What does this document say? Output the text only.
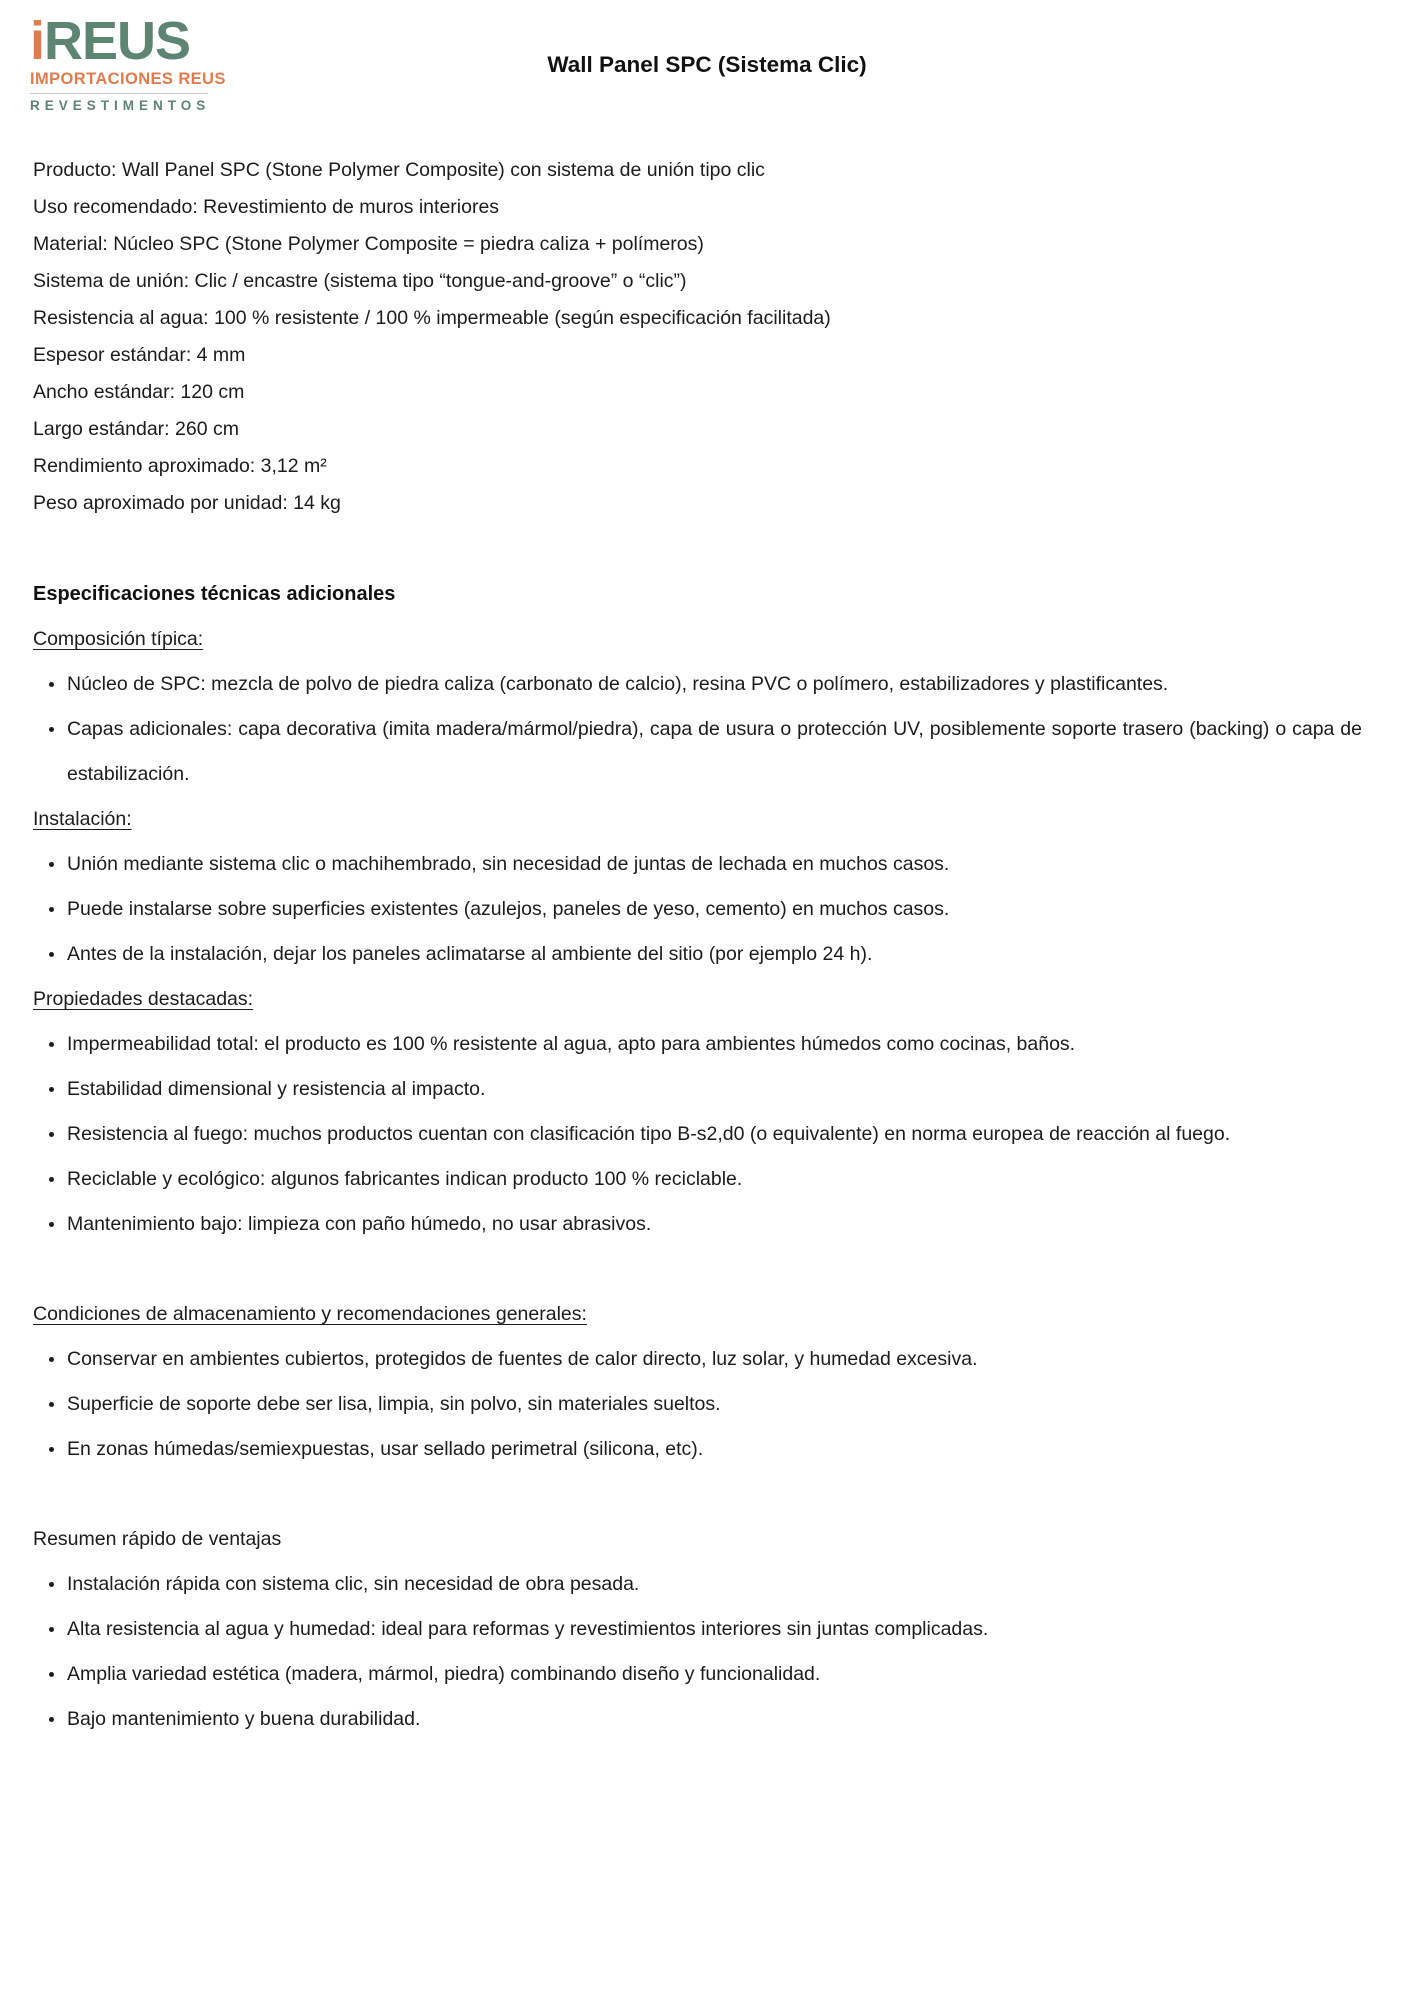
iREUS
IMPORTACIONES REUS
REVESTIMENTOS
Wall Panel SPC (Sistema Clic)

Producto: Wall Panel SPC (Stone Polymer Composite) con sistema de unión tipo clic

Uso recomendado: Revestimiento de muros interiores

Material: Núcleo SPC (Stone Polymer Composite = piedra caliza + polímeros)

Sistema de unión: Clic / encastre (sistema tipo “tongue-and-groove” o “clic”)

Resistencia al agua: 100 % resistente / 100 % impermeable (según especificación facilitada)

Espesor estándar: 4 mm

Ancho estándar: 120 cm

Largo estándar: 260 cm

Rendimiento aproximado: 3,12 m²

Peso aproximado por unidad: 14 kg

Especificaciones técnicas adicionales
Composición típica:
• Núcleo de SPC: mezcla de polvo de piedra caliza (carbonato de calcio), resina PVC o polímero, estabilizadores y plastificantes.
• Capas adicionales: capa decorativa (imita madera/mármol/piedra), capa de usura o protección UV, posiblemente soporte trasero (backing) o capa de estabilización.
Instalación:
• Unión mediante sistema clic o machihembrado, sin necesidad de juntas de lechada en muchos casos.
• Puede instalarse sobre superficies existentes (azulejos, paneles de yeso, cemento) en muchos casos.
• Antes de la instalación, dejar los paneles aclimatarse al ambiente del sitio (por ejemplo 24 h).
Propiedades destacadas:
• Impermeabilidad total: el producto es 100 % resistente al agua, apto para ambientes húmedos como cocinas, baños.
• Estabilidad dimensional y resistencia al impacto.
• Resistencia al fuego: muchos productos cuentan con clasificación tipo B-s2,d0 (o equivalente) en norma europea de reacción al fuego.
• Reciclable y ecológico: algunos fabricantes indican producto 100 % reciclable.
• Mantenimiento bajo: limpieza con paño húmedo, no usar abrasivos.
Condiciones de almacenamiento y recomendaciones generales:
• Conservar en ambientes cubiertos, protegidos de fuentes de calor directo, luz solar, y humedad excesiva.
• Superficie de soporte debe ser lisa, limpia, sin polvo, sin materiales sueltos.
• En zonas húmedas/semiexpuestas, usar sellado perimetral (silicona, etc).
Resumen rápido de ventajas
• Instalación rápida con sistema clic, sin necesidad de obra pesada.
• Alta resistencia al agua y humedad: ideal para reformas y revestimientos interiores sin juntas complicadas.
• Amplia variedad estética (madera, mármol, piedra) combinando diseño y funcionalidad.
• Bajo mantenimiento y buena durabilidad.
